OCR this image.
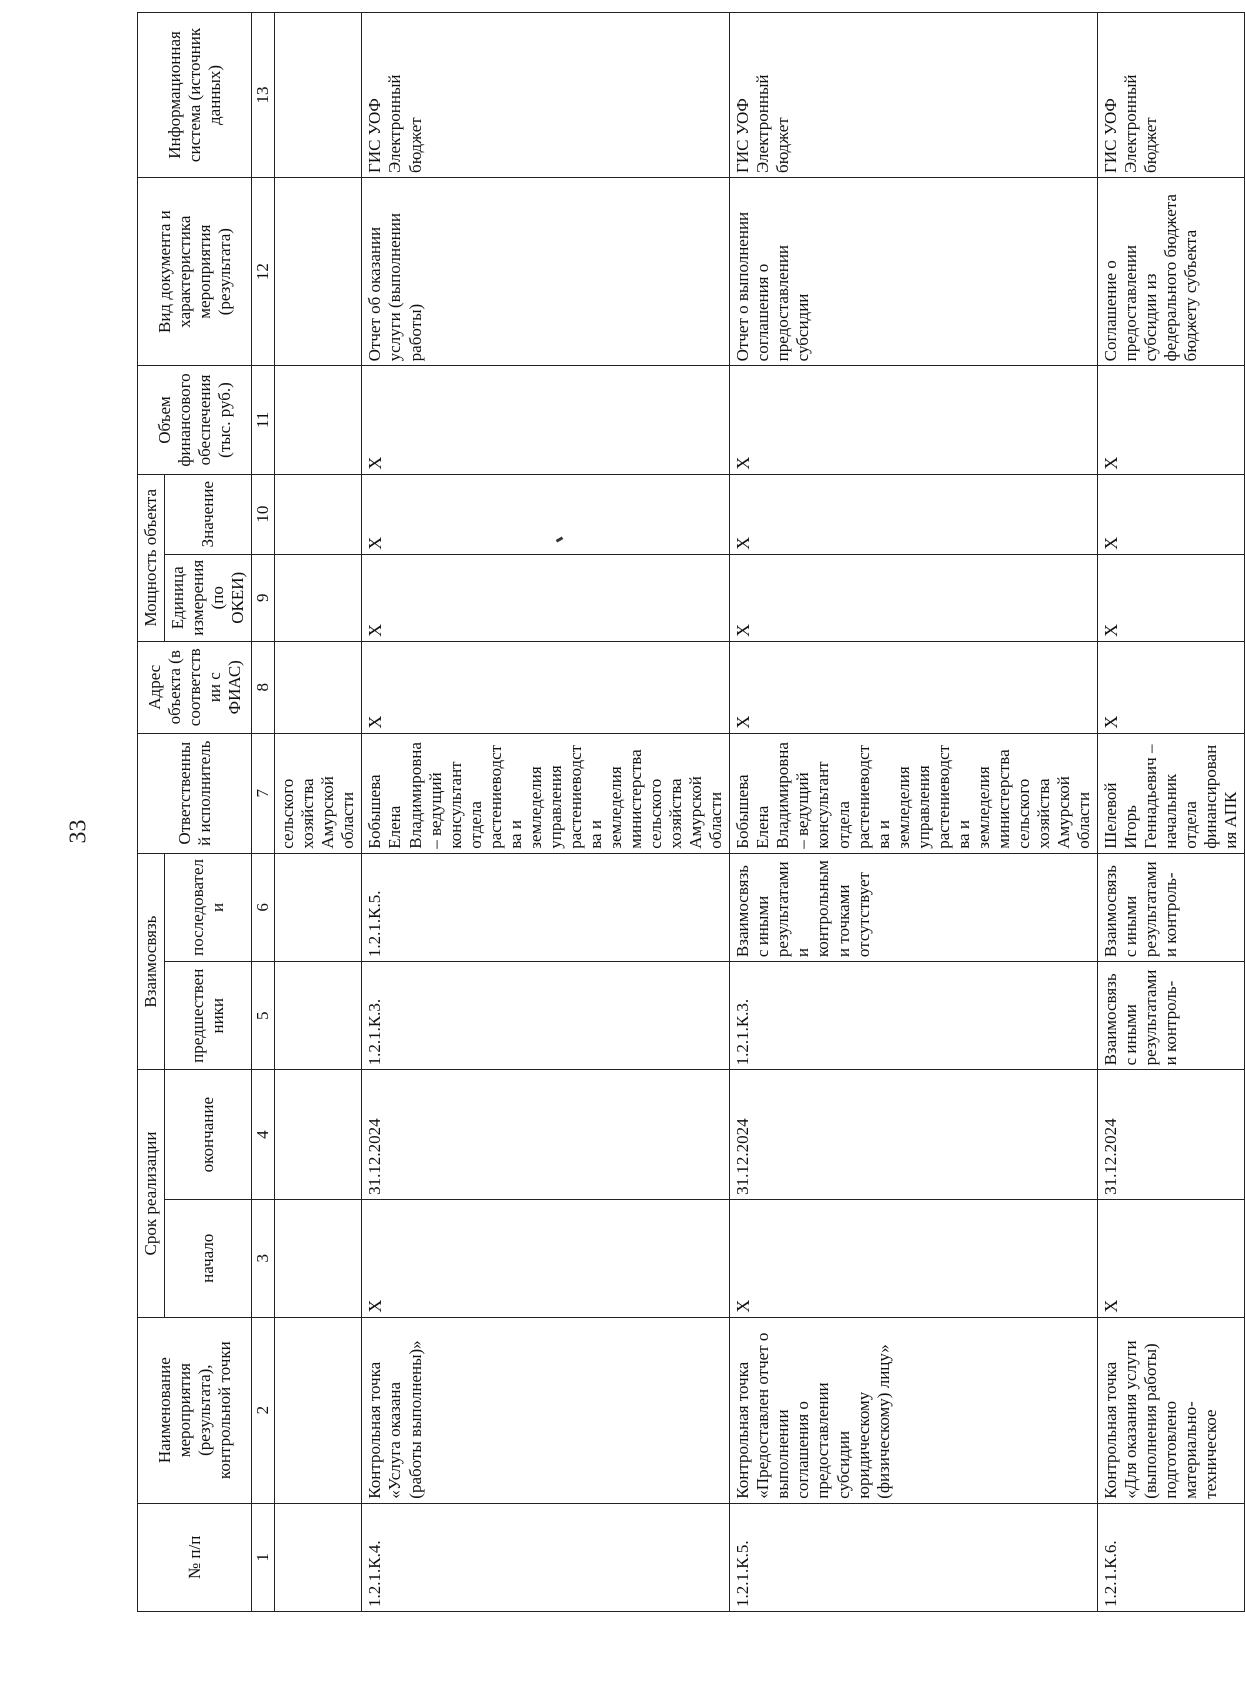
33
№ п/п	Наименование мероприятия (результата), контрольной точки	Срок реализации		Взаимосвязь		Ответственный исполнитель	Адрес объекта (в соответствии с ФИАС)	Мощность объекта		Объем финансового обеспечения (тыс. руб.)	Вид документа и характеристика мероприятия (результата)	Информационная система (источник данных)
		начало	окончание	предшественники	последователи			Единица измерения (по ОКЕИ)	Значение			
1	2	3	4	5	6	7	8	9	10	11	12	13
						сельского хозяйства Амурской области						
1.2.1.К.4.	Контрольная точка «Услуга оказана (работы выполнены)»	X	31.12.2024	1.2.1.К.3.	1.2.1.К.5.	Бобышева Елена Владимировна – ведущий консультант отдела растениеводства и земледелия управления растениеводства и земледелия министерства сельского хозяйства Амурской области	X	X	X	X	Отчет об оказании услуги (выполнении работы)	ГИС УОФ Электронный бюджет
1.2.1.К.5.	Контрольная точка «Предоставлен отчет о выполнении соглашения о предоставлении субсидии юридическому (физическому) лицу»	X	31.12.2024	1.2.1.К.3.	Взаимосвязь с иными результатами и контрольными точками отсутствует	Бобышева Елена Владимировна – ведущий консультант отдела растениеводства и земледелия управления растениеводства и земледелия министерства сельского хозяйства Амурской области	X	X	X	X	Отчет о выполнении соглашения о предоставлении субсидии	ГИС УОФ Электронный бюджет
1.2.1.К.6.	Контрольная точка «Для оказания услуги (выполнения работы) подготовлено материально-техническое	X	31.12.2024	Взаимосвязь с иными результатами и контроль-	Взаимосвязь с иными результатами и контроль-	Шелевой Игорь Геннадьевич – начальник отдела финансирования АПК	X	X	X	X	Соглашение о предоставлении субсидии из федерального бюджета бюджету субъекта	ГИС УОФ Электронный бюджет
